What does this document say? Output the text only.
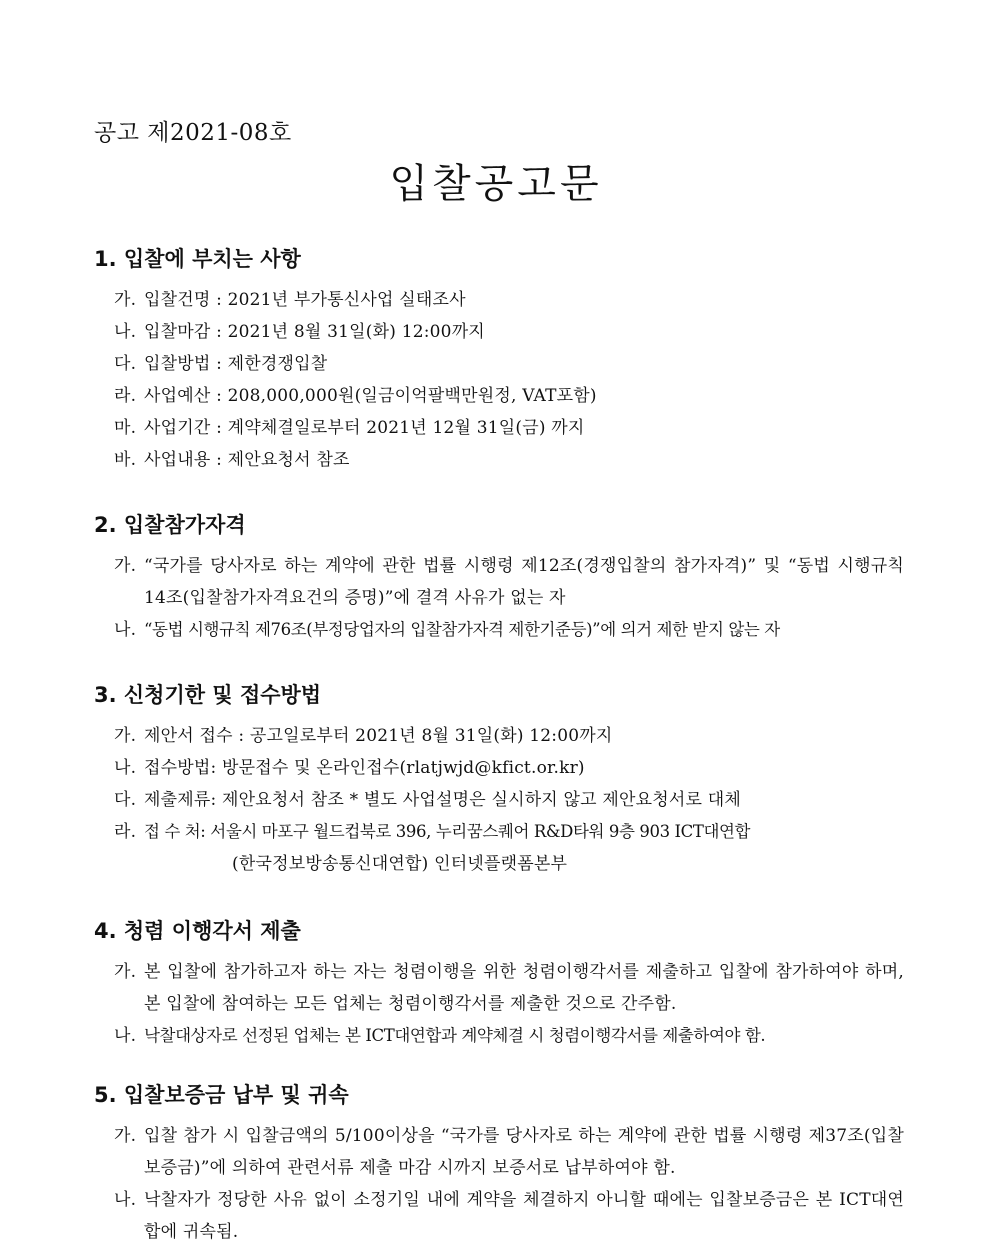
공고 제2021-08호
입찰공고문
1. 입찰에 부치는 사항
가. 입찰건명 : 2021년 부가통신사업 실태조사
나. 입찰마감 : 2021년 8월 31일(화) 12:00까지
다. 입찰방법 : 제한경쟁입찰
라. 사업예산 : 208,000,000원(일금이억팔백만원정, VAT포함)
마. 사업기간 : 계약체결일로부터 2021년 12월 31일(금) 까지
바. 사업내용 : 제안요청서 참조
2. 입찰참가자격
가. “국가를 당사자로 하는 계약에 관한 법률 시행령 제12조(경쟁입찰의 참가자격)” 및 “동법 시행규칙14조(입찰참가자격요건의 증명)”에 결격 사유가 없는 자
나. “동법 시행규칙 제76조(부정당업자의 입찰참가자격 제한기준등)”에 의거 제한 받지 않는 자
3. 신청기한 및 접수방법
가. 제안서 접수 : 공고일로부터 2021년 8월 31일(화) 12:00까지
나. 접수방법: 방문접수 및 온라인접수(rlatjwjd@kfict.or.kr)
다. 제출제류: 제안요청서 참조 * 별도 사업설명은 실시하지 않고 제안요청서로 대체
라. 접 수 처: 서울시 마포구 월드컵북로 396, 누리꿈스퀘어 R&D타워 9층 903 ICT대연합
(한국정보방송통신대연합) 인터넷플랫폼본부
4. 청렴 이행각서 제출
가. 본 입찰에 참가하고자 하는 자는 청렴이행을 위한 청렴이행각서를 제출하고 입찰에 참가하여야 하며, 본 입찰에 참여하는 모든 업체는 청렴이행각서를 제출한 것으로 간주함.
나. 낙찰대상자로 선정된 업체는 본 ICT대연합과 계약체결 시 청렴이행각서를 제출하여야 함.
5. 입찰보증금 납부 및 귀속
가. 입찰 참가 시 입찰금액의 5/100이상을 “국가를 당사자로 하는 계약에 관한 법률 시행령 제37조(입찰보증금)”에 의하여 관련서류 제출 마감 시까지 보증서로 납부하여야 함.
나. 낙찰자가 정당한 사유 없이 소정기일 내에 계약을 체결하지 아니할 때에는 입찰보증금은 본 ICT대연합에 귀속됨.
